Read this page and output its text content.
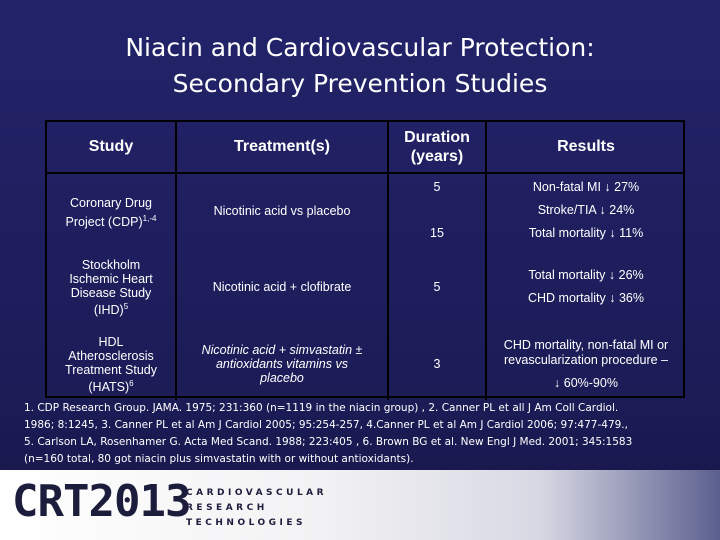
Niacin and Cardiovascular Protection:
Secondary Prevention Studies
Study	Treatment(s)
Duration
(years)
Results
Coronary Drug
Project (CDP)$^{1,-4}$
Nicotinic acid vs placebo
5
15
Non-fatal MI ↓ 27%
Stroke/TIA ↓ 24%
Total mortality ↓ 11%
Stockholm
Ischemic Heart
Disease Study
(IHD)$^5$
Nicotinic acid + clofibrate	5
Total mortality ↓ 26%
CHD mortality ↓ 36%
HDL
Atherosclerosis
Treatment Study
(HATS)$^6$
Nicotinic acid + simvastatin ±
antioxidants vitamins vs
placebo
3
CHD mortality, non-fatal MI or
revascularization procedure –
↓ 60%-90%
1. CDP Research Group. JAMA. 1975; 231:360 (n=1119 in the niacin group) , 2. Canner PL et all J Am Coll Cardiol.
1986; 8:1245, 3. Canner PL et al Am J Cardiol 2005; 95:254-257, 4.Canner PL et al Am J Cardiol 2006; 97:477-479.,
5. Carlson LA, Rosenhamer G. Acta Med Scand. 1988; 223:405 , 6. Brown BG et al. New Engl J Med. 2001; 345:1583
(n=160 total, 80 got niacin plus simvastatin with or without antioxidants).
CRT2013
CARDIOVASCULAR
RESEARCH
TECHNOLOGIES
